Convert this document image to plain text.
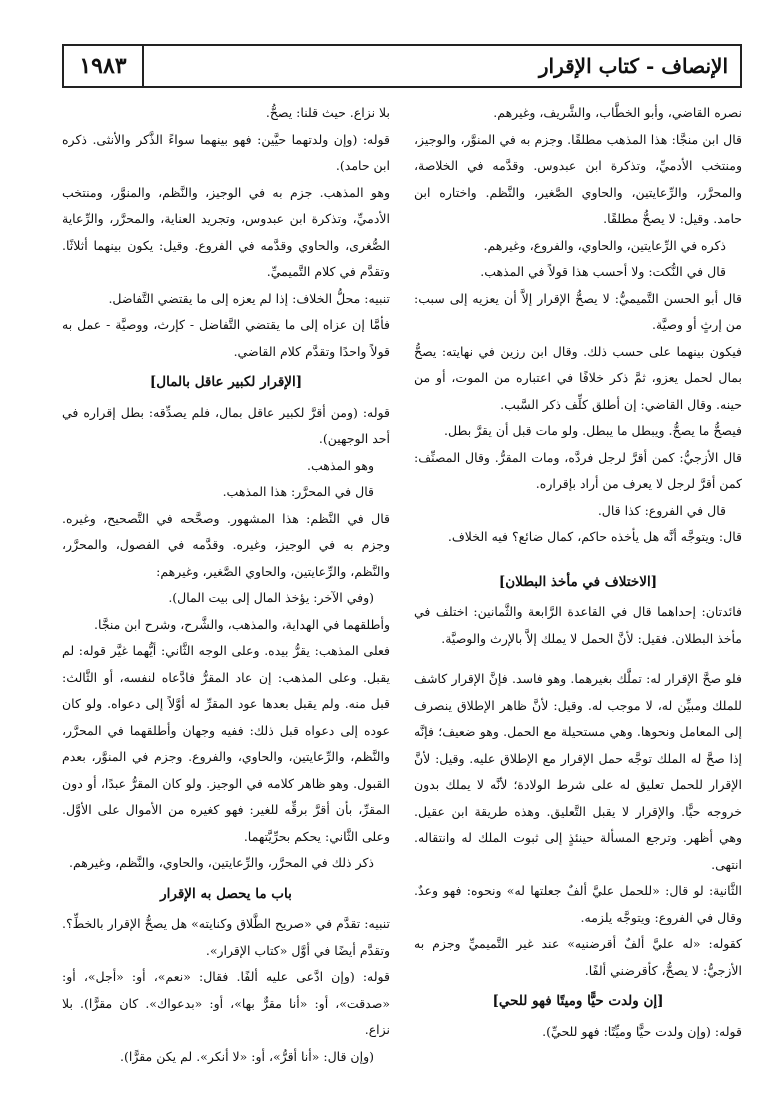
الإنصاف - كتاب الإقرار
١٩٨٣

نصره القاضي، وأبو الخطَّاب، والشَّريف، وغيرهم.

قال ابن منجَّا: هذا المذهب مطلقًا. وجزم به في المنوَّر، والوجيز، ومنتخب الأدميِّ، وتذكرة ابن عبدوس. وقدَّمه في الخلاصة، والمحرَّر، والرِّعايتين، والحاوي الصَّغير، والنَّظم. واختاره ابن حامد. وقيل: لا يصحُّ مطلقًا.

ذكره في الرِّعايتين، والحاوي، والفروع، وغيرهم.

قال في النُّكت: ولا أحسب هذا قولاً في المذهب.

قال أبو الحسن التَّميميُّ: لا يصحُّ الإقرار إلاَّ أن يعزيه إلى سبب: من إرثٍ أو وصيَّة.

فيكون بينهما على حسب ذلك. وقال ابن رزين في نهايته: يصحُّ بمال لحمل يعزو، ثمَّ ذكر خلافًا في اعتباره من الموت، أو من حينه. وقال القاضي: إن أطلق كلِّف ذكر السَّبب.

فيصحُّ ما يصحُّ. ويبطل ما يبطل. ولو مات قبل أن يقرَّ بطل.

قال الأزجيُّ: كمن أقرَّ لرجل فردَّه، ومات المقرُّ. وقال المصنِّف: كمن أقرَّ لرجل لا يعرف من أراد بإقراره.

قال في الفروع: كذا قال.

قال: ويتوجَّه أنَّه هل يأخذه حاكم، كمال ضائع؟ فيه الخلاف.

[الاختلاف في مأخذ البطلان]

فائدتان: إحداهما قال في القاعدة الرَّابعة والثَّمانين: اختلف في مأخذ البطلان. فقيل: لأنَّ الحمل لا يملك إلاَّ بالإرث والوصيَّة.

فلو صحَّ الإقرار له: تملَّك بغيرهما. وهو فاسد. فإنَّ الإقرار كاشف للملك ومبيِّن له، لا موجب له. وقيل: لأنَّ ظاهر الإطلاق ينصرف إلى المعامل ونحوها. وهي مستحيلة مع الحمل. وهو ضعيف؛ فإنَّه إذا صحَّ له الملك توجَّه حمل الإقرار مع الإطلاق عليه. وقيل: لأنَّ الإقرار للحمل تعليق له على شرط الولادة؛ لأنَّه لا يملك بدون خروجه حيًّا. والإقرار لا يقبل التَّعليق. وهذه طريقة ابن عقيل. وهي أظهر. وترجع المسألة حينئذٍ إلى ثبوت الملك له وانتقاله. انتهى.

الثَّانية: لو قال: «للحمل عليَّ ألفٌ جعلتها له» ونحوه: فهو وعدٌ. وقال في الفروع: ويتوجَّه يلزمه.

كقوله: «له عليَّ ألفٌ أقرضنيه» عند غير التَّميميِّ وجزم به الأزجيُّ: لا يصحُّ، كأقرضني ألفًا.

[إن ولدت حيًّا وميتًا فهو للحي]

قوله: (وإن ولدت حيًّا وميِّتًا: فهو للحيِّ).

بلا نزاع. حيث قلنا: يصحُّ.

قوله: (وإن ولدتهما حيَّين: فهو بينهما سواءً الذَّكر والأنثى. ذكره ابن حامد).

وهو المذهب. جزم به في الوجيز، والنَّظم، والمنوَّر، ومنتخب الأدميِّ، وتذكرة ابن عبدوس، وتجريد العناية، والمحرَّر، والرِّعاية الصُّغرى، والحاوي وقدَّمه في الفروع. وقيل: يكون بينهما أثلاثًا. وتقدَّم في كلام التَّميميِّ.

تنبيه: محلُّ الخلاف: إذا لم يعزه إلى ما يقتضي التَّفاضل.

فأمَّا إن عزاه إلى ما يقتضي التَّفاضل - كإرث، ووصيَّة - عمل به قولاً واحدًا وتقدَّم كلام القاضي.

[الإقرار لكبير عاقل بالمال]

قوله: (ومن أقرَّ لكبير عاقل بمال، فلم يصدِّقه: بطل إقراره في أحد الوجهين).

وهو المذهب.

قال في المحرَّر: هذا المذهب.

قال في النَّظم: هذا المشهور. وصحَّحه في التَّصحيح، وغيره. وجزم به في الوجيز، وغيره. وقدَّمه في الفصول، والمحرَّر، والنَّظم، والرِّعايتين، والحاوي الصَّغير، وغيرهم:

(وفي الآخر: يؤخذ المال إلى بيت المال).

وأطلقهما في الهداية، والمذهب، والشَّرح، وشرح ابن منجَّا.

فعلى المذهب: يقرُّ بيده. وعلى الوجه الثَّاني: أيُّهما غيَّر قوله: لم يقبل. وعلى المذهب: إن عاد المقرُّ فادَّعاه لنفسه، أو الثَّالث: قبل منه. ولم يقبل بعدها عود المقرِّ له أوَّلاً إلى دعواه. ولو كان عوده إلى دعواه قبل ذلك: ففيه وجهان وأطلقهما في المحرَّر، والنَّظم، والرِّعايتين، والحاوي، والفروع. وجزم في المنوَّر، بعدم القبول. وهو ظاهر كلامه في الوجيز. ولو كان المقرُّ عبدًا، أو دون المقرِّ، بأن أقرَّ برقِّه للغير: فهو كغيره من الأموال على الأوَّل. وعلى الثَّاني: يحكم بحرِّيَّتهما.

ذكر ذلك في المحرَّر، والرِّعايتين، والحاوي، والنَّظم، وغيرهم.

باب ما يحصل به الإقرار

تنبيه: تقدَّم في «صريح الطَّلاق وكنايته» هل يصحُّ الإقرار بالخطِّ؟. وتقدَّم أيضًا في أوَّل «كتاب الإقرار».

قوله: (وإن ادَّعى عليه ألفًا. فقال: «نعم»، أو: «أجل»، أو: «صدقت»، أو: «أنا مقرٌّ بها»، أو: «بدعواك». كان مقرًّا). بلا نزاع.

(وإن قال: «أنا أقرُّ»، أو: «لا أنكر». لم يكن مقرًّا).
